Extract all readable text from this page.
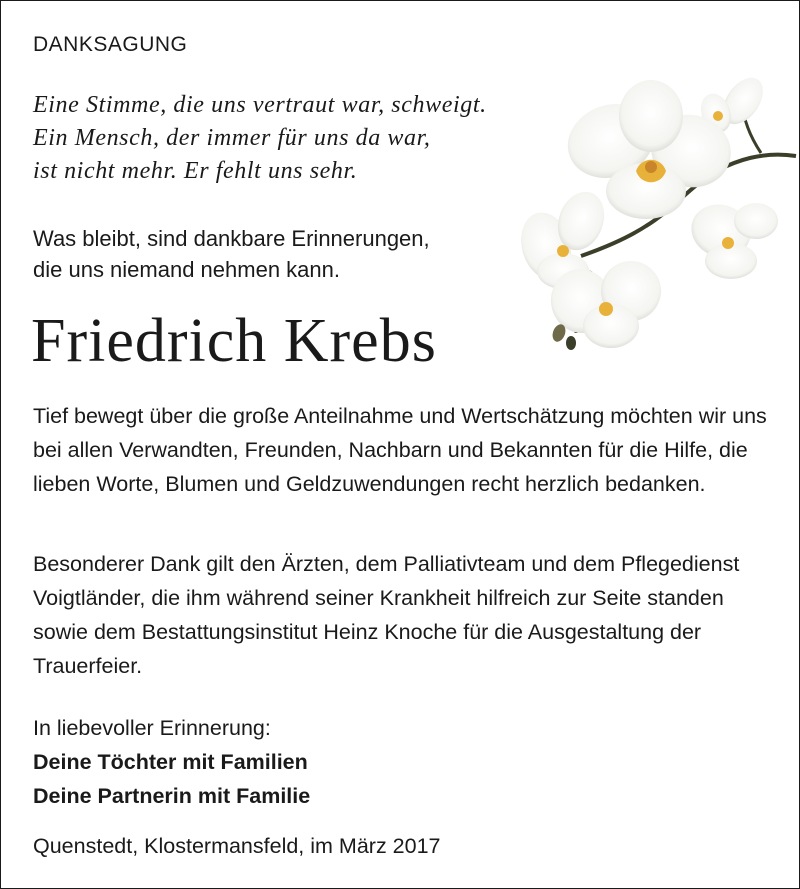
DANKSAGUNG
Eine Stimme, die uns vertraut war, schweigt.
Ein Mensch, der immer für uns da war,
ist nicht mehr. Er fehlt uns sehr.
Was bleibt, sind dankbare Erinnerungen,
die uns niemand nehmen kann.
Friedrich Krebs
Tief bewegt über die große Anteilnahme und Wertschätzung möchten wir uns bei allen Verwandten, Freunden, Nachbarn und Bekannten für die Hilfe, die lieben Worte, Blumen und Geldzuwendungen recht herzlich bedanken.
Besonderer Dank gilt den Ärzten, dem Palliativteam und dem Pflegedienst Voigtländer, die ihm während seiner Krankheit hilfreich zur Seite standen sowie dem Bestattungsinstitut Heinz Knoche für die Ausgestaltung der Trauerfeier.
In liebevoller Erinnerung:
Deine Töchter mit Familien
Deine Partnerin mit Familie
Quenstedt, Klostermansfeld, im März 2017
